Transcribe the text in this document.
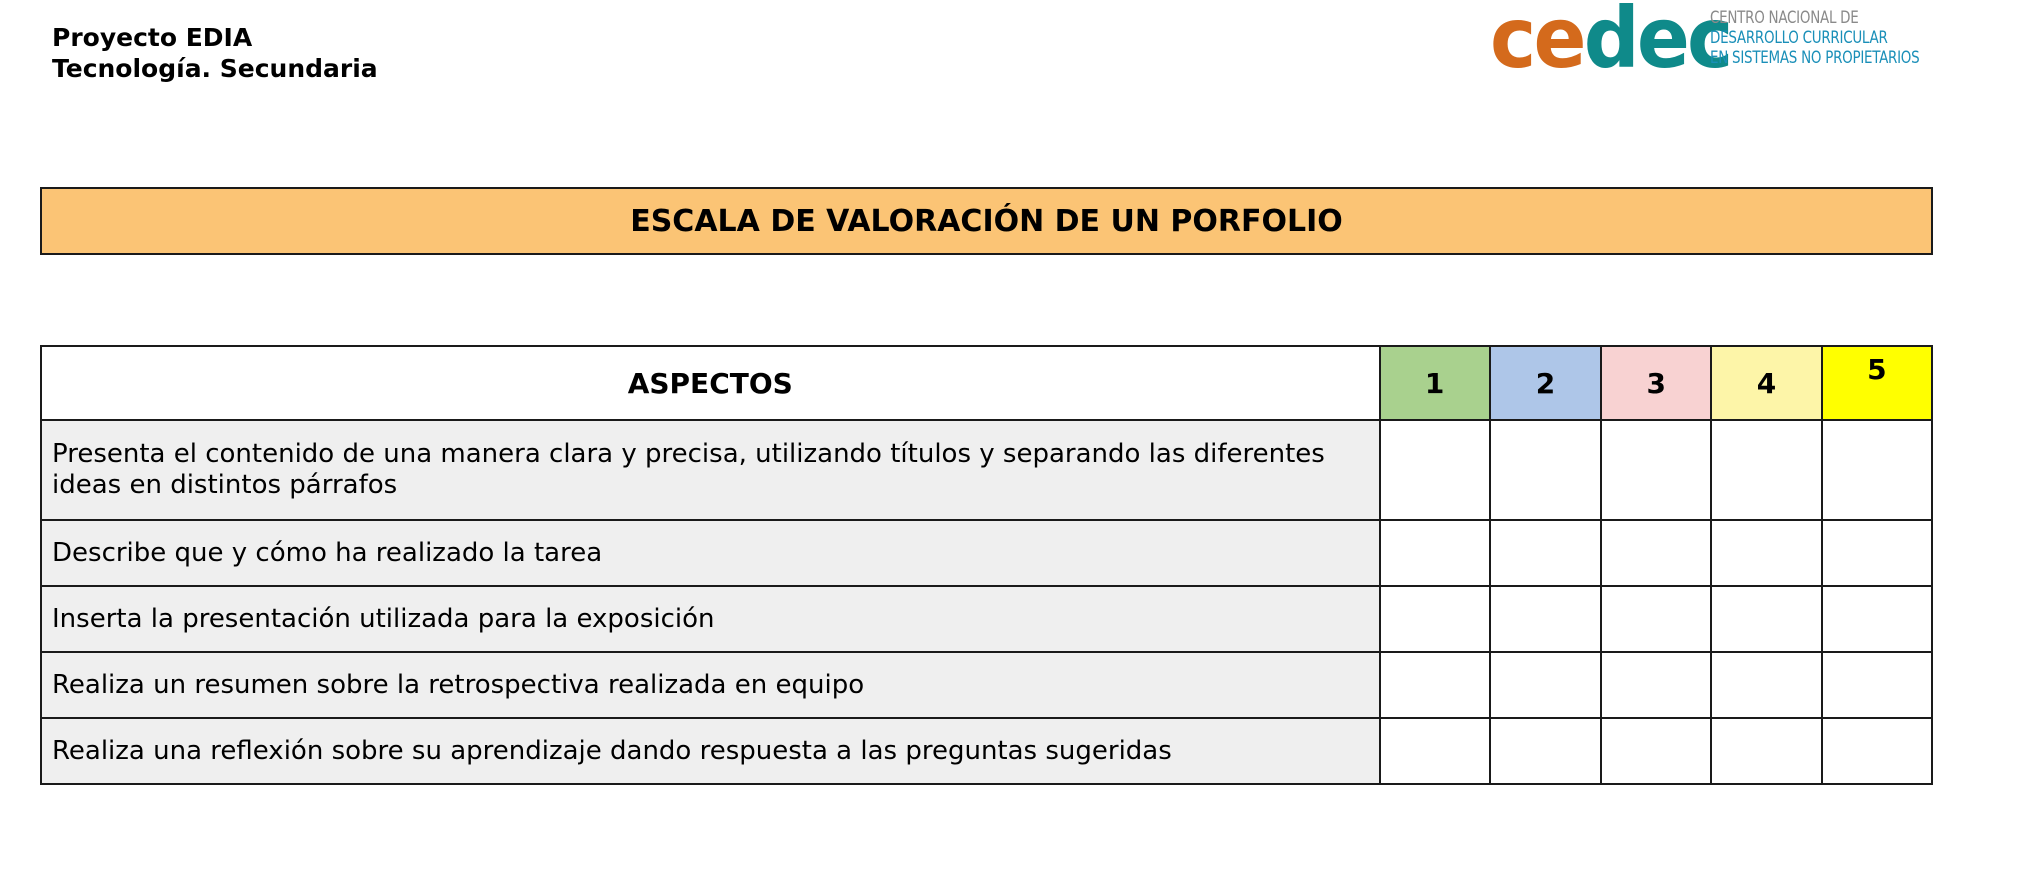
Proyecto EDIA
Tecnología. Secundaria	cedec
CENTRO NACIONAL DE
DESARROLLO CURRICULAR
EN SISTEMAS NO PROPIETARIOS
ESCALA DE VALORACIÓN DE UN PORFOLIO
ASPECTOS	1	2	3	4	5
Presenta el contenido de una manera clara y precisa, utilizando títulos y separando las diferentes ideas en distintos párrafos					
Describe que y cómo ha realizado la tarea					
Inserta la presentación utilizada para la exposición					
Realiza un resumen sobre la retrospectiva realizada en equipo					
Realiza una reflexión sobre su aprendizaje dando respuesta a las preguntas sugeridas					
